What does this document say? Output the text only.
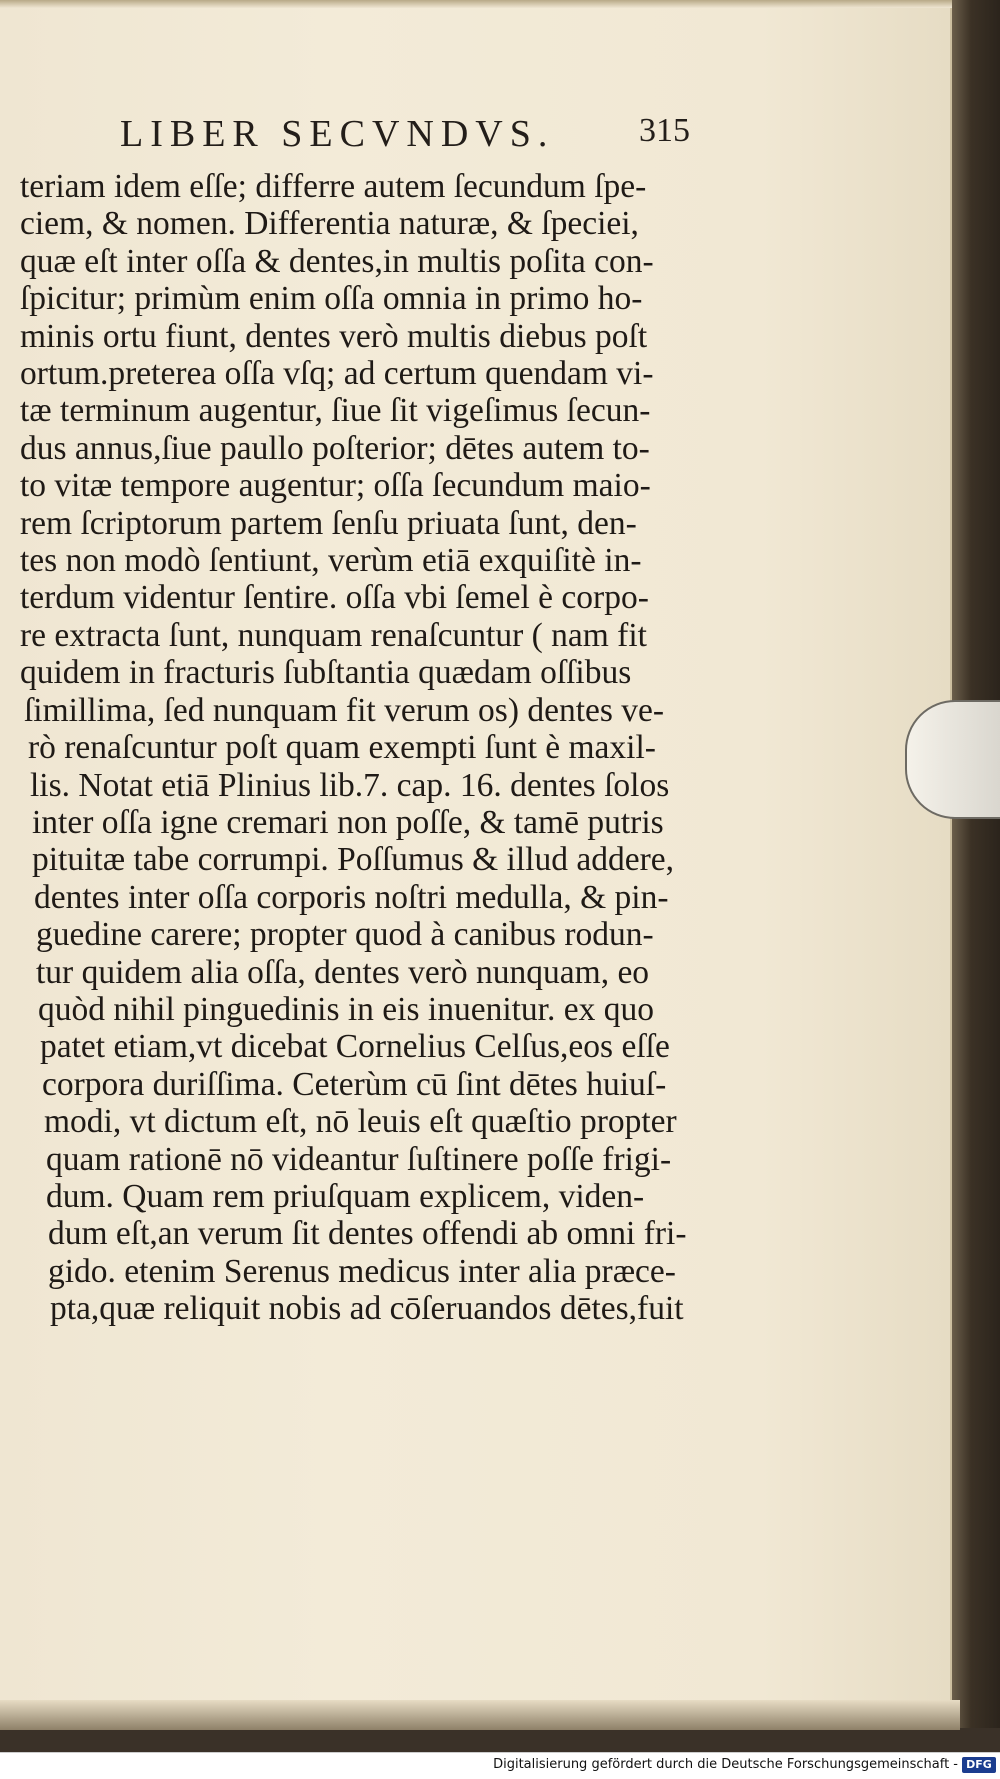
LIBER SECVNDVS. 315
teriam idem eſſe; differre autem ſecundum ſpe-
ciem, & nomen. Differentia naturæ, & ſpeciei,
quæ eſt inter oſſa & dentes,in multis poſita con-
ſpicitur; primùm enim oſſa omnia in primo ho-
minis ortu fiunt, dentes verò multis diebus poſt
ortum.preterea oſſa vſq; ad certum quendam vi-
tæ terminum augentur, ſiue ſit vigeſimus ſecun-
dus annus,ſiue paullo poſterior; dētes autem to-
to vitæ tempore augentur; oſſa ſecundum maio-
rem ſcriptorum partem ſenſu priuata ſunt, den-
tes non modò ſentiunt, verùm etiā exquiſitè in-
terdum videntur ſentire. oſſa vbi ſemel è corpo-
re extracta ſunt, nunquam renaſcuntur ( nam fit
quidem in fracturis ſubſtantia quædam oſſibus
ſimillima, ſed nunquam fit verum os) dentes ve-
rò renaſcuntur poſt quam exempti ſunt è maxil-
lis. Notat etiā Plinius lib.7. cap. 16. dentes ſolos
inter oſſa igne cremari non poſſe, & tamē putris
pituitæ tabe corrumpi. Poſſumus & illud addere,
dentes inter oſſa corporis noſtri medulla, & pin-
guedine carere; propter quod à canibus rodun-
tur quidem alia oſſa, dentes verò nunquam, eo
quòd nihil pinguedinis in eis inuenitur. ex quo
patet etiam,vt dicebat Cornelius Celſus,eos eſſe
corpora duriſſima. Ceterùm cū ſint dētes huiuſ-
modi, vt dictum eſt, nō leuis eſt quæſtio propter
quam rationē nō videantur ſuſtinere poſſe frigi-
dum. Quam rem priuſquam explicem, viden-
dum eſt,an verum ſit dentes offendi ab omni fri-
gido. etenim Serenus medicus inter alia præce-
pta,quæ reliquit nobis ad cōſeruandos dētes,fuit
Digitalisierung gefördert durch die Deutsche Forschungsgemeinschaft - DFG
